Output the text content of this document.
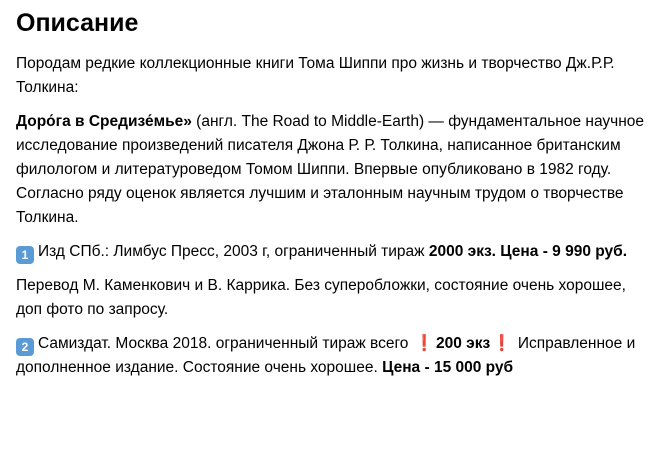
Описание

Породам редкие коллекционные книги Тома Шиппи про жизнь и творчество Дж.Р.Р. Толкина:

Доро́га в Средизе́мье» (англ. The Road to Middle-Earth) — фундаментальное научное исследование произведений писателя Джона Р. Р. Толкина, написанное британским филологом и литературоведом Томом Шиппи. Впервые опубликовано в 1982 году. Согласно ряду оценок является лучшим и эталонным научным трудом о творчестве Толкина.

1 Изд СПб.: Лимбус Пресс, 2003 г, ограниченный тираж 2000 экз. Цена - 9 990 руб.

Перевод М. Каменкович и В. Каррика. Без суперобложки, состояние очень хорошее, доп фото по запросу.

2 Самиздат. Москва 2018. ограниченный тираж всего ❗ 200 экз ❗ Исправленное и дополненное издание. Состояние очень хорошее. Цена - 15 000 руб
